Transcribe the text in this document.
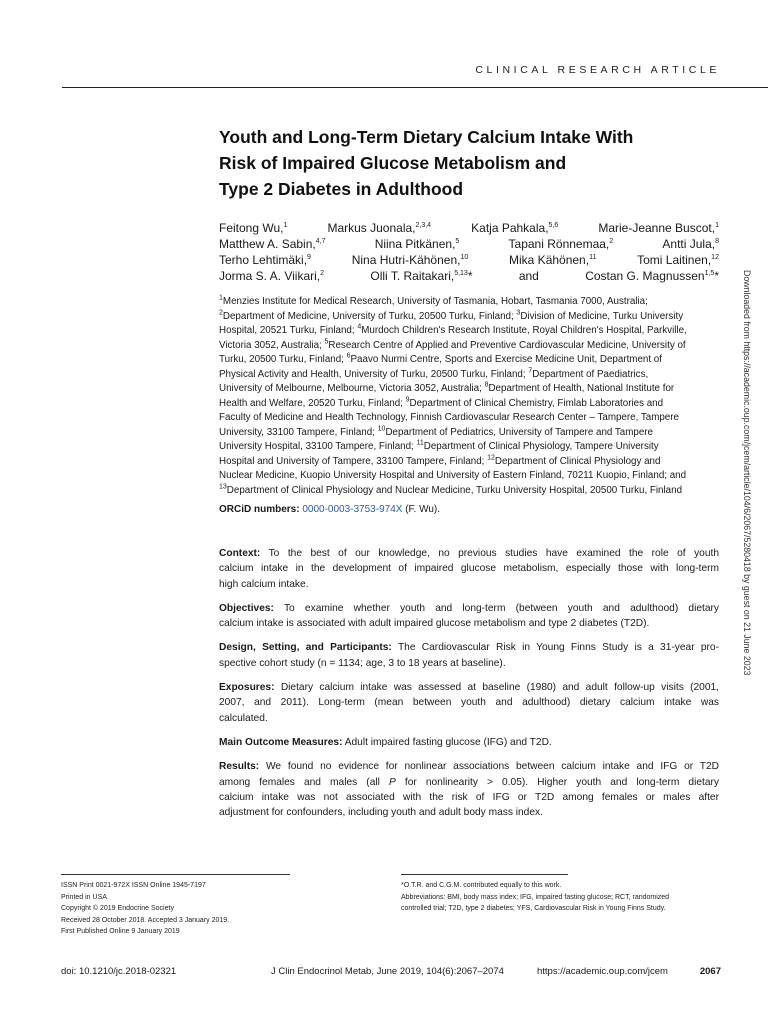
CLINICAL RESEARCH ARTICLE
Youth and Long-Term Dietary Calcium Intake With
Risk of Impaired Glucose Metabolism and
Type 2 Diabetes in Adulthood
Feitong Wu,$^1$	Markus Juonala,$^{2,3,4}$	Katja Pahkala,$^{5,6}$	Marie-Jeanne Buscot,$^1$
Matthew A. Sabin,$^{4,7}$	Niina Pitkänen,$^5$	Tapani Rönnemaa,$^2$	Antti Jula,$^8$
Terho Lehtimäki,$^9$	Nina Hutri-Kähönen,$^{10}$	Mika Kähönen,$^{11}$	Tomi Laitinen,$^{12}$
Jorma S. A. Viikari,$^2$	Olli T. Raitakari,$^{5,13}$*	and	Costan G. Magnussen$^{1,5}$*
$^1$Menzies Institute for Medical Research, University of Tasmania, Hobart, Tasmania 7000, Australia;
$^2$Department of Medicine, University of Turku, 20500 Turku, Finland; $^3$Division of Medicine, Turku University
Hospital, 20521 Turku, Finland; $^4$Murdoch Children's Research Institute, Royal Children's Hospital, Parkville,
Victoria 3052, Australia; $^5$Research Centre of Applied and Preventive Cardiovascular Medicine, University of
Turku, 20500 Turku, Finland; $^6$Paavo Nurmi Centre, Sports and Exercise Medicine Unit, Department of
Physical Activity and Health, University of Turku, 20500 Turku, Finland; $^7$Department of Paediatrics,
University of Melbourne, Melbourne, Victoria 3052, Australia; $^8$Department of Health, National Institute for
Health and Welfare, 20520 Turku, Finland; $^9$Department of Clinical Chemistry, Fimlab Laboratories and
Faculty of Medicine and Health Technology, Finnish Cardiovascular Research Center – Tampere, Tampere
University, 33100 Tampere, Finland; $^{10}$Department of Pediatrics, University of Tampere and Tampere
University Hospital, 33100 Tampere, Finland; $^{11}$Department of Clinical Physiology, Tampere University
Hospital and University of Tampere, 33100 Tampere, Finland; $^{12}$Department of Clinical Physiology and
Nuclear Medicine, Kuopio University Hospital and University of Eastern Finland, 70211 Kuopio, Finland; and
$^{13}$Department of Clinical Physiology and Nuclear Medicine, Turku University Hospital, 20500 Turku, Finland
ORCiD numbers: 0000-0003-3753-974X (F. Wu).

Context: To the best of our knowledge, no previous studies have examined the role of youth
calcium intake in the development of impaired glucose metabolism, especially those with long-term
high calcium intake.

Objectives: To examine whether youth and long-term (between youth and adulthood) dietary
calcium intake is associated with adult impaired glucose metabolism and type 2 diabetes (T2D).

Design, Setting, and Participants: The Cardiovascular Risk in Young Finns Study is a 31-year pro-
spective cohort study (n = 1134; age, 3 to 18 years at baseline).

Exposures: Dietary calcium intake was assessed at baseline (1980) and adult follow-up visits (2001,
2007, and 2011). Long-term (mean between youth and adulthood) dietary calcium intake was
calculated.

Main Outcome Measures: Adult impaired fasting glucose (IFG) and T2D.

Results: We found no evidence for nonlinear associations between calcium intake and IFG or T2D
among females and males (all P for nonlinearity > 0.05). Higher youth and long-term dietary
calcium intake was not associated with the risk of IFG or T2D among females or males after
adjustment for confounders, including youth and adult body mass index.

ISSN Print 0021-972X ISSN Online 1945-7197
Printed in USA
Copyright © 2019 Endocrine Society
Received 28 October 2018. Accepted 3 January 2019.
First Published Online 9 January 2019
*O.T.R. and C.G.M. contributed equally to this work.
Abbreviations: BMI, body mass index; IFG, impaired fasting glucose; RCT, randomized
controlled trial; T2D, type 2 diabetes; YFS, Cardiovascular Risk in Young Finns Study.
doi: 10.1210/jc.2018-02321	J Clin Endocrinol Metab, June 2019, 104(6):2067–2074	https://academic.oup.com/jcem	2067
Downloaded from https://academic.oup.com/jcem/article/104/6/2067/5280418 by guest on 21 June 2023
